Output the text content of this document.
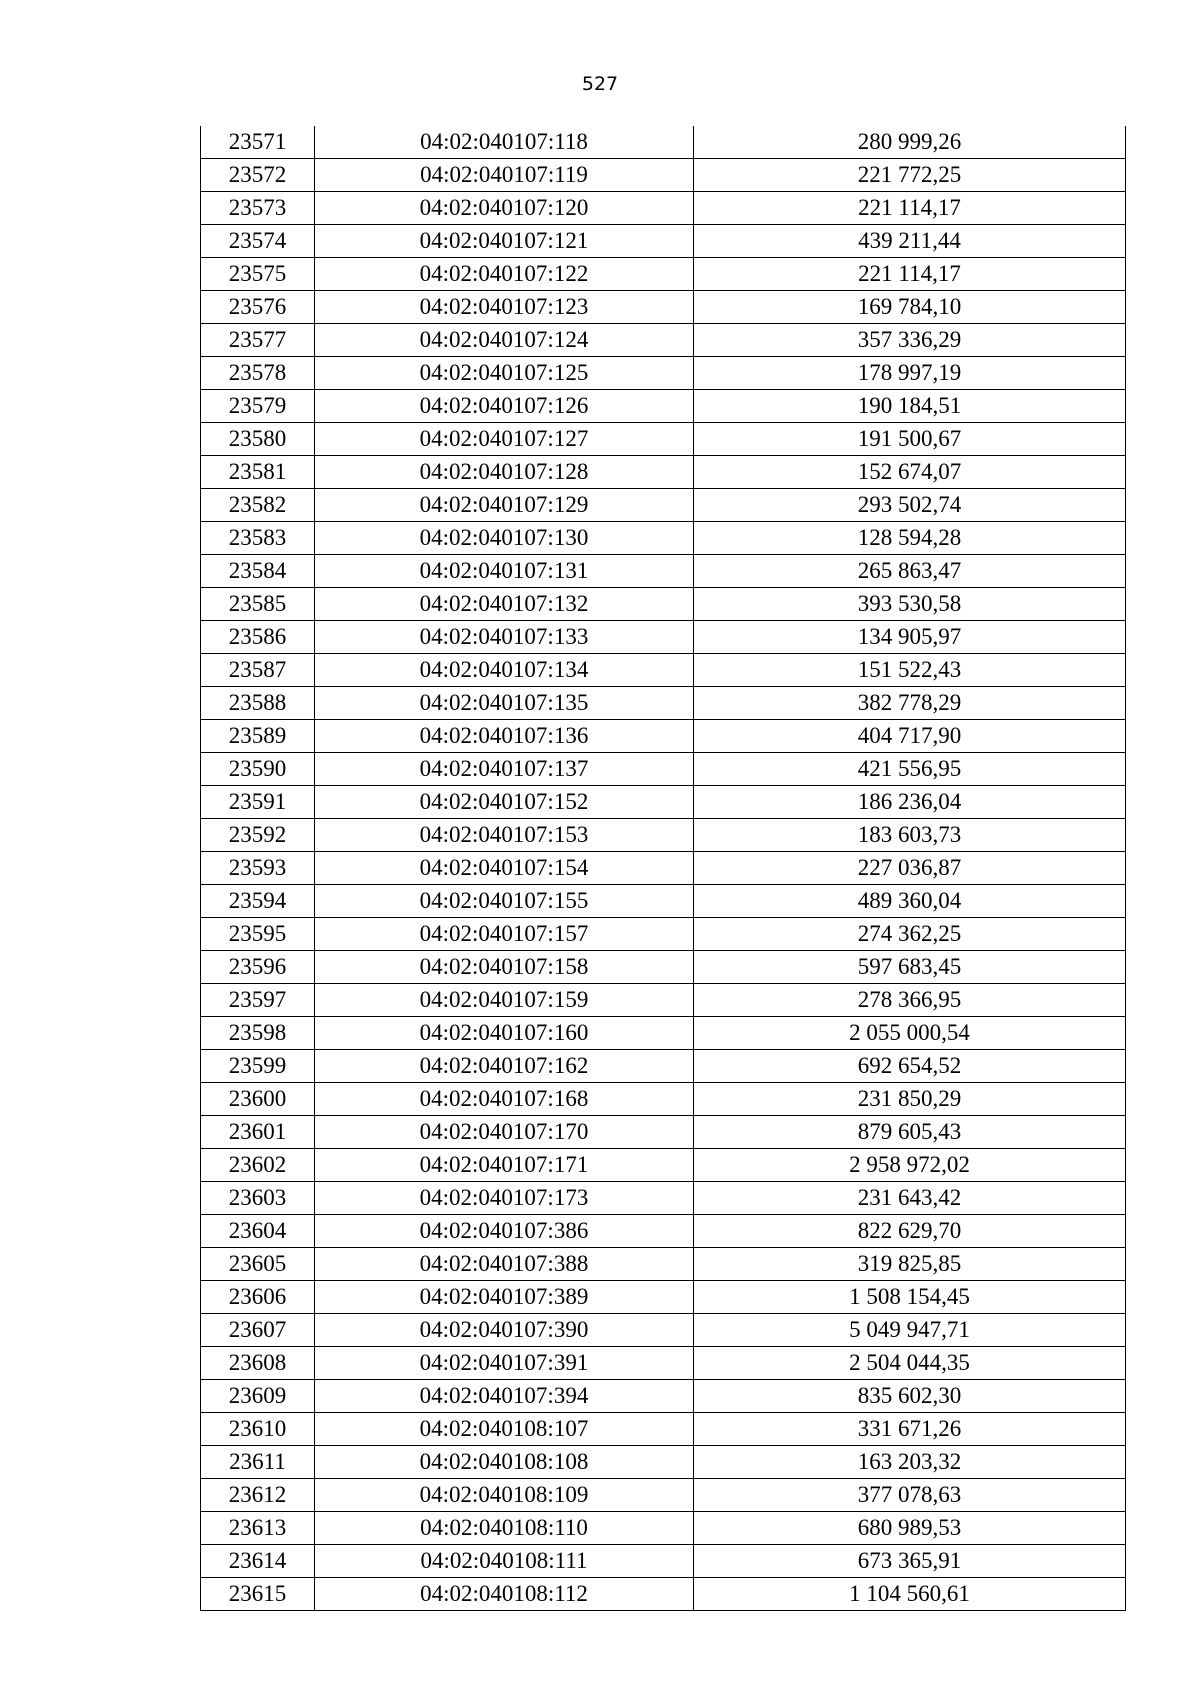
527
23571	04:02:040107:118	280 999,26
23572	04:02:040107:119	221 772,25
23573	04:02:040107:120	221 114,17
23574	04:02:040107:121	439 211,44
23575	04:02:040107:122	221 114,17
23576	04:02:040107:123	169 784,10
23577	04:02:040107:124	357 336,29
23578	04:02:040107:125	178 997,19
23579	04:02:040107:126	190 184,51
23580	04:02:040107:127	191 500,67
23581	04:02:040107:128	152 674,07
23582	04:02:040107:129	293 502,74
23583	04:02:040107:130	128 594,28
23584	04:02:040107:131	265 863,47
23585	04:02:040107:132	393 530,58
23586	04:02:040107:133	134 905,97
23587	04:02:040107:134	151 522,43
23588	04:02:040107:135	382 778,29
23589	04:02:040107:136	404 717,90
23590	04:02:040107:137	421 556,95
23591	04:02:040107:152	186 236,04
23592	04:02:040107:153	183 603,73
23593	04:02:040107:154	227 036,87
23594	04:02:040107:155	489 360,04
23595	04:02:040107:157	274 362,25
23596	04:02:040107:158	597 683,45
23597	04:02:040107:159	278 366,95
23598	04:02:040107:160	2 055 000,54
23599	04:02:040107:162	692 654,52
23600	04:02:040107:168	231 850,29
23601	04:02:040107:170	879 605,43
23602	04:02:040107:171	2 958 972,02
23603	04:02:040107:173	231 643,42
23604	04:02:040107:386	822 629,70
23605	04:02:040107:388	319 825,85
23606	04:02:040107:389	1 508 154,45
23607	04:02:040107:390	5 049 947,71
23608	04:02:040107:391	2 504 044,35
23609	04:02:040107:394	835 602,30
23610	04:02:040108:107	331 671,26
23611	04:02:040108:108	163 203,32
23612	04:02:040108:109	377 078,63
23613	04:02:040108:110	680 989,53
23614	04:02:040108:111	673 365,91
23615	04:02:040108:112	1 104 560,61
